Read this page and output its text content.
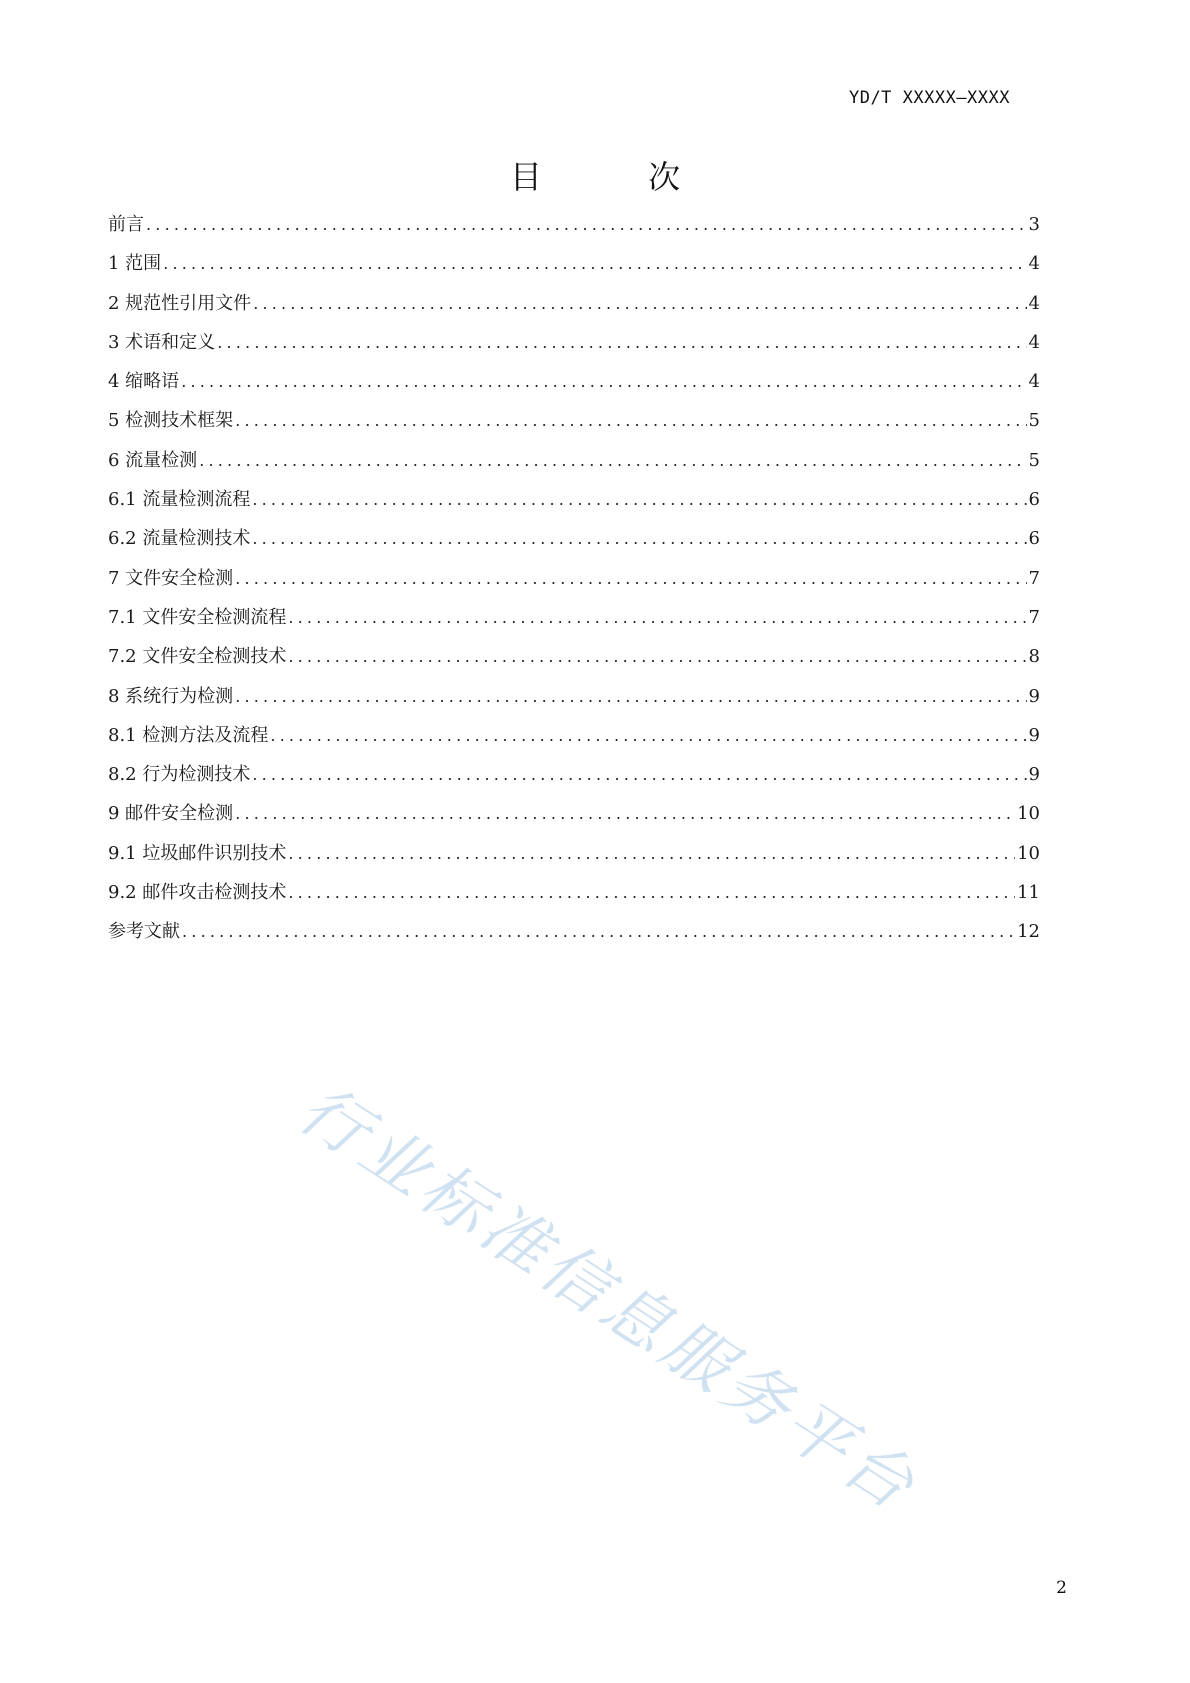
YD/T XXXXX—XXXX
目 次
前言 .....	3
1 范围 .....	4
2 规范性引用文件 .....	4
3 术语和定义 .....	4
4 缩略语 .....	4
5 检测技术框架 .....	5
6 流量检测 .....	5
6.1 流量检测流程 .....	6
6.2 流量检测技术 .....	6
7 文件安全检测 .....	7
7.1 文件安全检测流程 .....	7
7.2 文件安全检测技术 .....	8
8 系统行为检测 .....	9
8.1 检测方法及流程 .....	9
8.2 行为检测技术 .....	9
9 邮件安全检测 .....	10
9.1 垃圾邮件识别技术 .....	10
9.2 邮件攻击检测技术 .....	11
参考文献 .....	12
行业标准信息服务平台
2
